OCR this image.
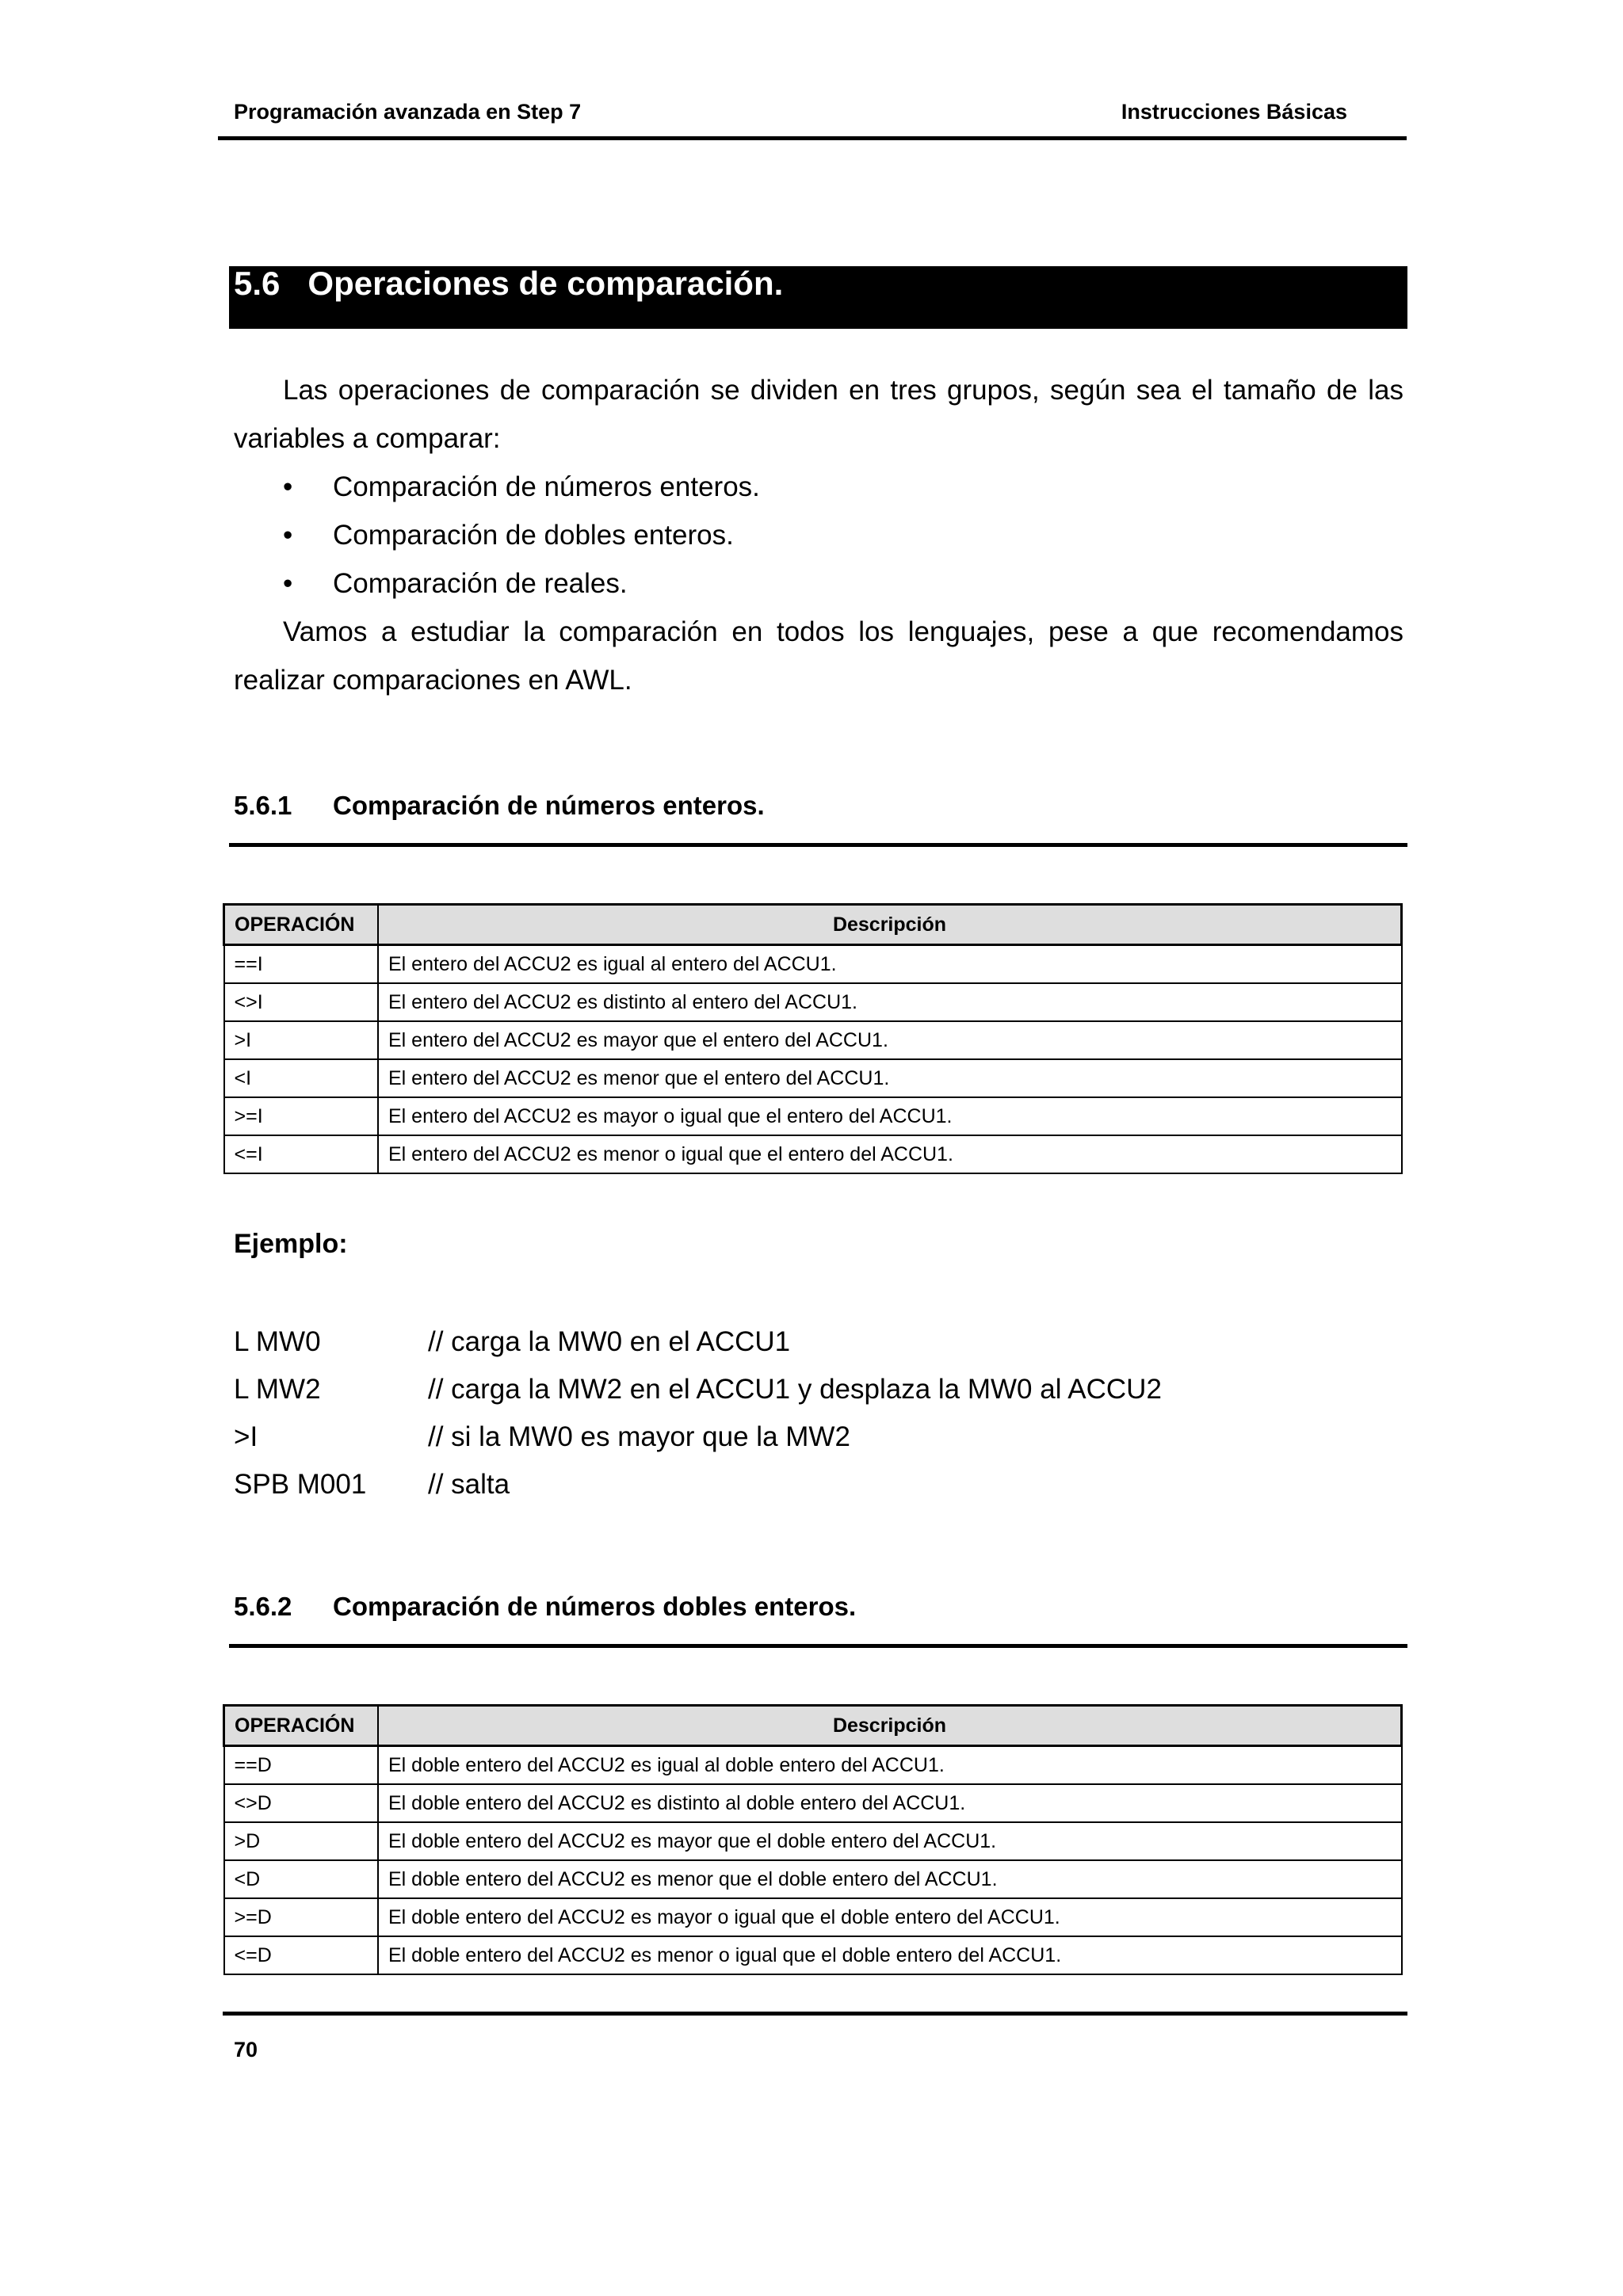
Programación avanzada en Step 7	Instrucciones Básicas
5.6 Operaciones de comparación.
Las operaciones de comparación se dividen en tres grupos, según sea el tamaño de las variables a comparar:
• Comparación de números enteros.
• Comparación de dobles enteros.
• Comparación de reales.
Vamos a estudiar la comparación en todos los lenguajes, pese a que recomendamos realizar comparaciones en AWL.
5.6.1 Comparación de números enteros.
OPERACIÓN	Descripción
==I	El entero del ACCU2 es igual al entero del ACCU1.
<>I	El entero del ACCU2 es distinto al entero del ACCU1.
>I	El entero del ACCU2 es mayor que el entero del ACCU1.
<I	El entero del ACCU2 es menor que el entero del ACCU1.
>=I	El entero del ACCU2 es mayor o igual que el entero del ACCU1.
<=I	El entero del ACCU2 es menor o igual que el entero del ACCU1.
Ejemplo:
L MW0	// carga la MW0 en el ACCU1
L MW2	// carga la MW2 en el ACCU1 y desplaza la MW0 al ACCU2
>I	// si la MW0 es mayor que la MW2
SPB M001	// salta
5.6.2 Comparación de números dobles enteros.
OPERACIÓN	Descripción
==D	El doble entero del ACCU2 es igual al doble entero del ACCU1.
<>D	El doble entero del ACCU2 es distinto al doble entero del ACCU1.
>D	El doble entero del ACCU2 es mayor que el doble entero del ACCU1.
<D	El doble entero del ACCU2 es menor que el doble entero del ACCU1.
>=D	El doble entero del ACCU2 es mayor o igual que el doble entero del ACCU1.
<=D	El doble entero del ACCU2 es menor o igual que el doble entero del ACCU1.
70
